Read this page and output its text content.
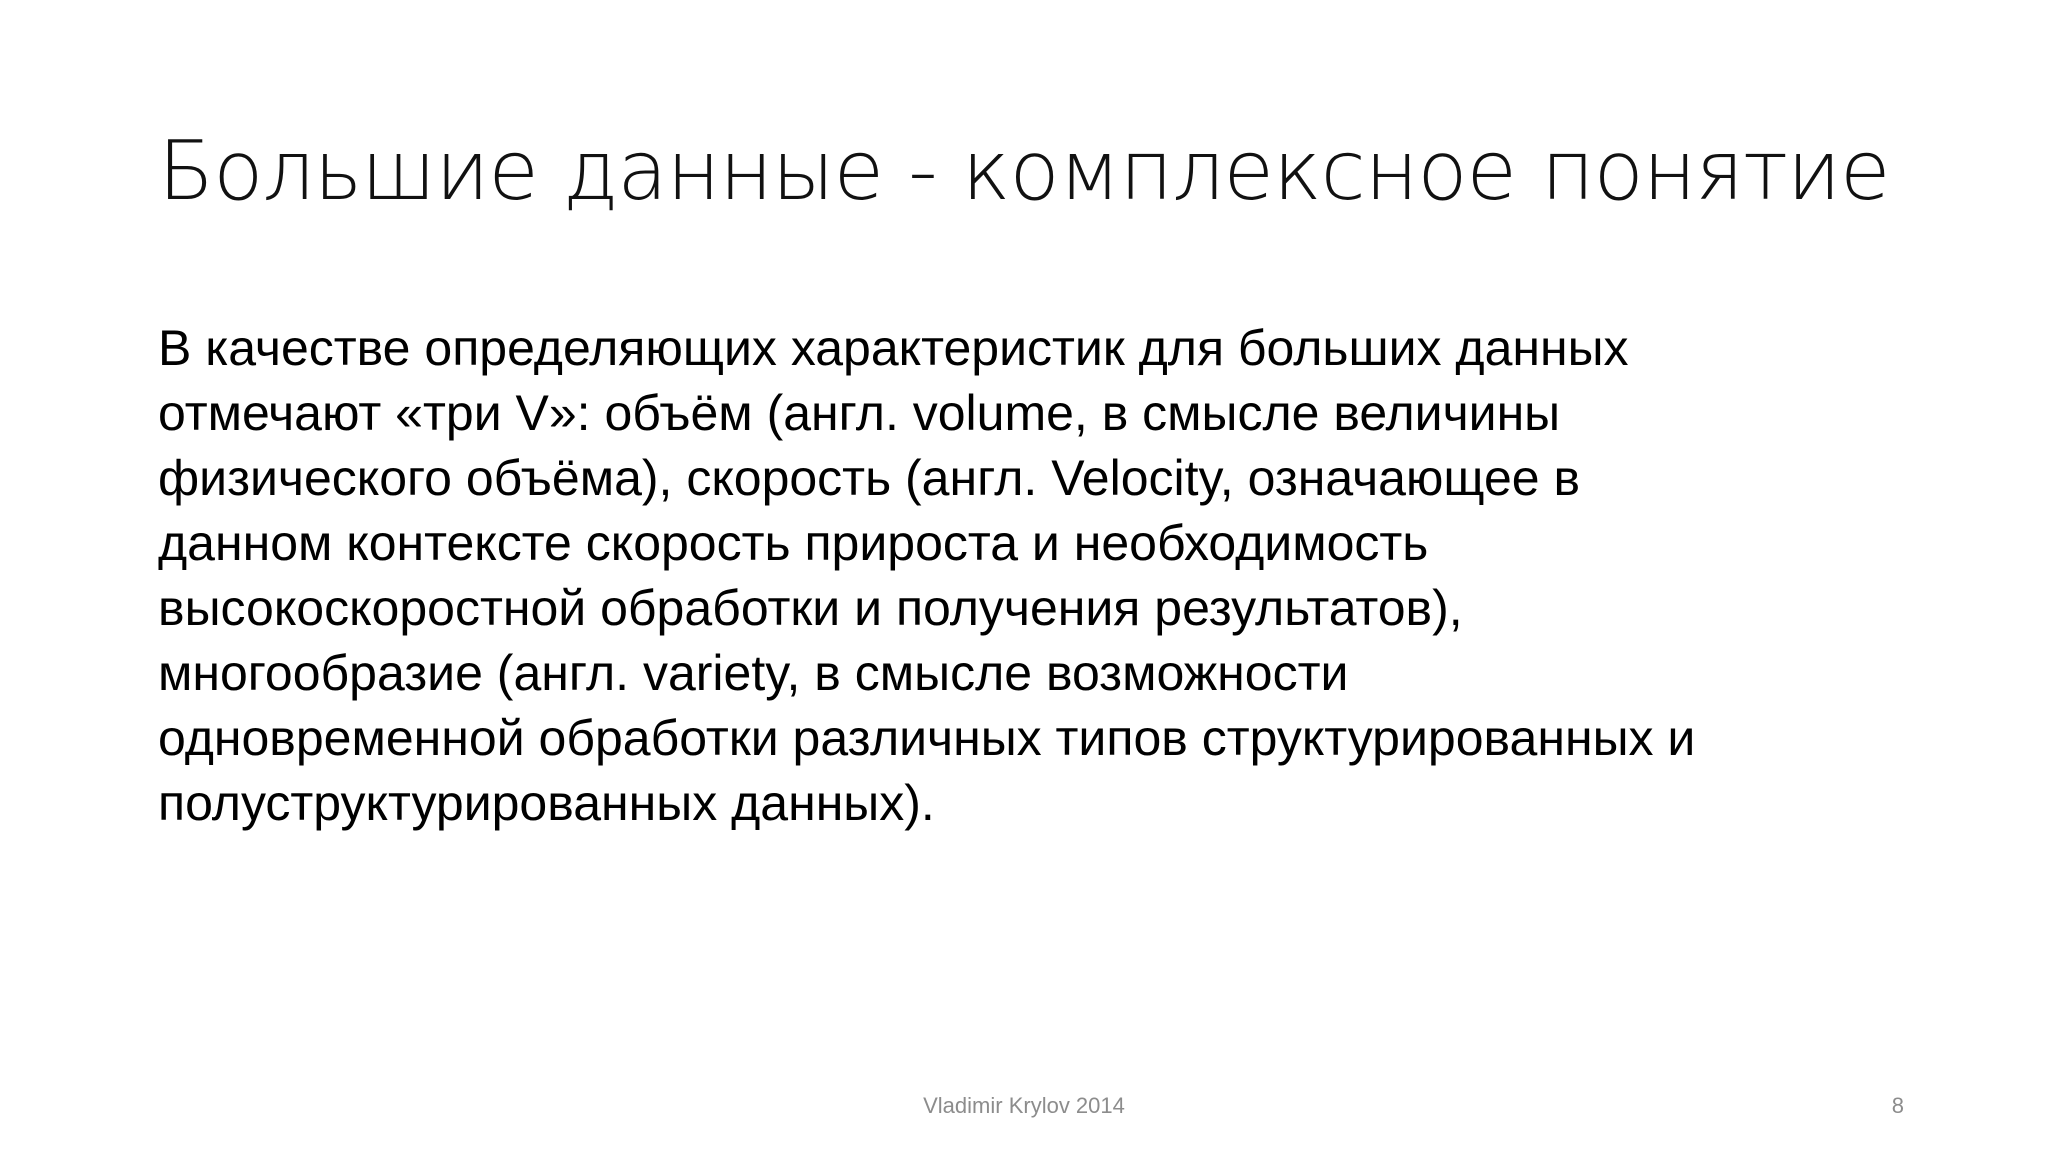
Большие данные - комплексное понятие
В качестве определяющих характеристик для больших данных
отмечают «три V»: объём (англ. volume, в смысле величины
физического объёма), скорость (англ. Velocity, означающее в
данном контексте скорость прироста и необходимость
высокоскоростной обработки и получения результатов),
многообразие (англ. variety, в смысле возможности
одновременной обработки различных типов структурированных и
полуструктурированных данных).
Vladimir Krylov 2014	8
